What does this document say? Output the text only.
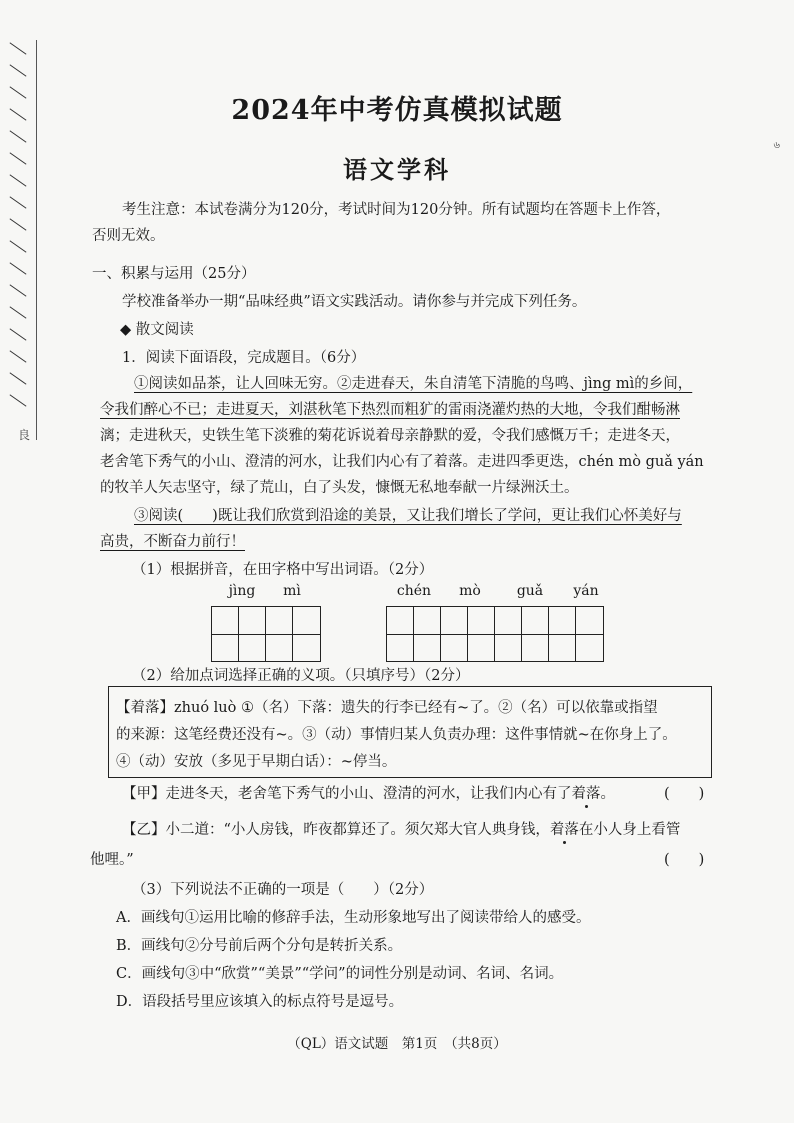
良
৬
2024年中考仿真模拟试题
语文学科
考生注意：本试卷满分为120分，考试时间为120分钟。所有试题均在答题卡上作答，
否则无效。
一、积累与运用（25分）
学校准备举办一期“品味经典”语文实践活动。请你参与并完成下列任务。
◆ 散文阅读
1．阅读下面语段，完成题目。（6分）
①阅读如品茶，让人回味无穷。②走进春天，朱自清笔下清脆的鸟鸣、jìng mì的乡间，
令我们醉心不已；走进夏天，刘湛秋笔下热烈而粗犷的雷雨浇灌灼热的大地，令我们酣畅淋
漓；走进秋天，史铁生笔下淡雅的菊花诉说着母亲静默的爱，令我们感慨万千；走进冬天，
老舍笔下秀气的小山、澄清的河水，让我们内心有了着落。走进四季更迭，chén mò guǎ yán
的牧羊人矢志坚守，绿了荒山，白了头发，慷慨无私地奉献一片绿洲沃土。
③阅读(　　)既让我们欣赏到沿途的美景，又让我们增长了学问，更让我们心怀美好与
高贵，不断奋力前行！
（1）根据拼音，在田字格中写出词语。（2分）
jìng	mì	chén	mò	guǎ	yán
（2）给加点词选择正确的义项。（只填序号）（2分）
【着落】zhuó luò ①（名）下落：遗失的行李已经有~了。②（名）可以依靠或指望
的来源：这笔经费还没有~。③（动）事情归某人负责办理：这件事情就~在你身上了。
④（动）安放（多见于早期白话）：~停当。
【甲】走进冬天，老舍笔下秀气的小山、澄清的河水，让我们内心有了着落。	(　　)
【乙】小二道：“小人房钱，昨夜都算还了。须欠郑大官人典身钱，着落在小人身上看管
他哩。”	(　　)
（3）下列说法不正确的一项是（　　）（2分）
A．画线句①运用比喻的修辞手法，生动形象地写出了阅读带给人的感受。
B．画线句②分号前后两个分句是转折关系。
C．画线句③中“欣赏”“美景”“学问”的词性分别是动词、名词、名词。
D．语段括号里应该填入的标点符号是逗号。
（QL）语文试题　第1页　（共8页）
